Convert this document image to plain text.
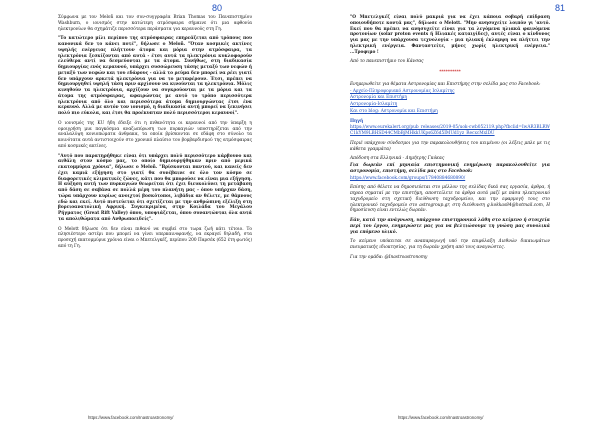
80

Σύμφωνα με τον Meloñ και τον συν-συγγραφέα Brian Thomas του Πανεπιστημίου Washburn, ο ιονισμός στην κατώτερη ατμόσφαιρα σήμαινε ότι μια αφθονία ηλεκτρονίων θα σχημάτιζε περισσότερα περάσματα για κεραυνούς στη Γη.

"Το κατώτερο μίλι περίπου της ατμόσφαιρας επηρεάζεται από τρόπους που κανονικά δεν το κάνει ποτέ", δήλωσε ο Meloñ. "Όταν κοσμικές ακτίνες υψηλής ενέργειας πλήττουν άτομα και μόρια στην ατμόσφαιρα, τα ηλεκτρόνια ξεσκίζονται από αυτά - έτσι αυτά τα ηλεκτρόνια κυκλοφορούν ελεύθερα αντί να δεσμεύονται με τα άτομα. Συνήθως, στη διαδικασία δημιουργίας ενός κεραυνού, υπάρχει συσσώρευση τάσης μεταξύ των νεφών ή μεταξύ των νεφών και του εδάφους - αλλά το ρεύμα δεν μπορεί να ρέει γιατί δεν υπάρχουν αρκετά ηλεκτρόνια για να το μεταφέρουν. Έτσι, πρέπει να δημιουργηθεί υψηλή τάση πριν αρχίσουν να κινούνται τα ηλεκτρόνια. Μόλις κινηθούν τα ηλεκτρόνια, αρχίζουν να συγκρούονται με τα μόρια και τα άτομα της ατμόσφαιρας, αφαιρώντας με αυτό το τρόπο περισσότερα ηλεκτρόνια από όλο και περισσότερα άτομα δημιουργώντας έτσι ένα κεραυνό. Αλλά με αυτόν τον ιονισμό, η διαδικασία αυτή μπορεί να ξεκινήσει πολύ πιο εύκολα, και έτσι θα προέκυπταν πολύ περισσότεροι κεραυνοί".

Ο ιονισμός της ΚU ήδη έδειξε ότι η πιθανότητα οι κεραυνοί από την ύπαρξη η ομοιγρήση μια παγκόσμια αναζωπύρωση των πυρκαγιών υποστηρίζεται από την αναλαλύψη κονιοπώματα άνθρακα, τα οποία βρίσκονται σε εδάφη στο σύνολο τα κοινότατα αυτά αντιστοιχούν στο χρονικό πλαίσιο του βομβαρδισμού της ατμόσφαιρας από κοσμικές ακτίνες.

"Αυτό που παρατηρήθηκε είναι ότι υπάρχει πολύ περισσότερο κάρβουνο και αιθάλη στον κόσμο μας, το οποίο δημιουργήθηκαν πριν από μερικά εκατομμύρια χρόνια", δήλωσε ο Meloñ. "Βρίσκονται παντού, και κανείς δεν έχει καμιά εξήγηση στο γιατί θα συνέβαινε σε όλο τον κόσμο σε διαφορετικές κλιματικές ζώνες, κάτι που θα μπορούσε να είναι μια εξήγηση. Η αύξηση αυτή των πυρκαγιών θεωρείται ότι έχει διευκολύνει τη μετάβαση από δάση σε σαβάνα σε πολλά μέρη του πλανήτη μας - όπου υπήρχαν δάση, τώρα υπάρχουν κυρίως ανοιχτοί βοσκότοποι, λιβάδια αν θέλετε, με θάμνους εδώ και εκεί. Αυτό πιστεύεται ότι σχετίζεται με την ανθρώπινη εξέλιξη στη βορειοανατολική Αφρική. Συγκεκριμένα, στην Κοιλάδα του Μεγάλου Ρήγματος (Great Rift Valley) όπου, υποψιάζεται, όπου συναντώνται όλα αυτά τα απολιθώματα από Ανθρωποειδείς".

Ο Melott δήλωσε ότι δεν είναι πιθανό να συμβεί στο τωρα ζωή κάτι τέτοιο. Το πλησιέστερο αστέρι που μπορεί να γίνει υπερκαινοφανής, να εκραγεί δηλαδή, στα προσεχή εκατομμύρια χρόνια είναι ο Μπετελγκέζ, περίπου 200 Παρσέκ (652 έτη φωτός) από τη Γη.

https://www.facebook.com/Inastroastronomy/
81

"Ο Μπετελγκέζ είναι πολύ μακριά για να έχει κάποια σοβαρή επίδραση οποιουδήποτε κοντά μας", δήλωσε ο Melott. "Μην ανησυχείτε λοιπόν γι 'αυτό. Εκεί που θα πρέπει να ανησυχείτε είναι για τα λεγόμενα ηλιακά φαινόμενα προτονίων (solar proton events ή Ηλιακές καταιγίδες), αυτές είναι ο κίνδυνος για μας με την υπάρχουσα τεχνολογία - μια ηλιακή έκλαμψη να πλήττει την ηλεκτρική ενέργεια. Φανταστείτε, μήνες χωρίς ηλεκτρική ενέργεια." ...Τροφιμο !

Από το πανεπιστήμιο του Κάνσας

**********

Ενημερωθείτε για θέματα Αστρονομίας και Επιστήμης στην σελίδα μας στο Facebook:

- Αρχείο-Πληροφοριακό Αστρονομίας Ισλαμίτης

Αστρονομία και Επιστήμη

Αστρονομία-Ισλαμίτη

Και στο blog: Αστρονομία και Επιστήμη

Πηγή

https://www.eurekalert.org/pub_releases/2019-05/uok-cwb052119.php?fbclid=IwAR3BLRWC1kYM9LBHSD44CMbBjMHkkUKps6Z6d5IMUd1yz_RecxcMxlDU

Περιέ υπάρχουν σύνδεσμοι για την παρακολουθήσεις του κειμένου (οι λέξεις μπλε με τις κάθετα γραμμάτα)

Απόδοση στα Ελληνικά - Δημήτρης Γκόκας

Για δωρεάν επί μηνιαία επιστημονική ενημέρωση παρακολουθείτε για αστρονομία, επιστήμη, σελίδα μας στο Facebook:

https://www.facebook.com/groups/17840884680890/

Επίσης από θέλετε να δημοσιεύεται στο μέλλον της σελίδας δικά σας εργασία, άρθρα, ή πηρεα σηματαί με την επιστήμη, αποστείλετε τα άρθρα αυτά μαζί με πάσα ηλεκτρονικό ταχυδρομείο στη σχετική διεύθυνση ταχυδρομείου, και την εφαρμογή τους στο ηλεκτρονικό ταχυδρομείο στο astrogroup.gr, στη διεύθυνση g.kokkas84@hotmail.com, Η δημοσίευση είναι εντελώς δωρεάν.

Εάν, κατά την ανάγνωση, υπάρχουν επιστημονικά λάθη στο κείμενο ή στοιχεία περί του έργου, ενημερώστε μας για να βελτιώσουμε τη γνώση μας συνολικά για επόμενο υλικό.

Το κείμενο υπόκειται σε αναπαραγωγή υπό την επιφύλαξη Διεθνών δικαιωμάτων πνευματικής ιδιοκτησίας, για τη δωρεάν χρήση από τους αναγνώστες.

Για την ομάδα: @Inastroastronomy

https://www.facebook.com/Inastroastronomy/
